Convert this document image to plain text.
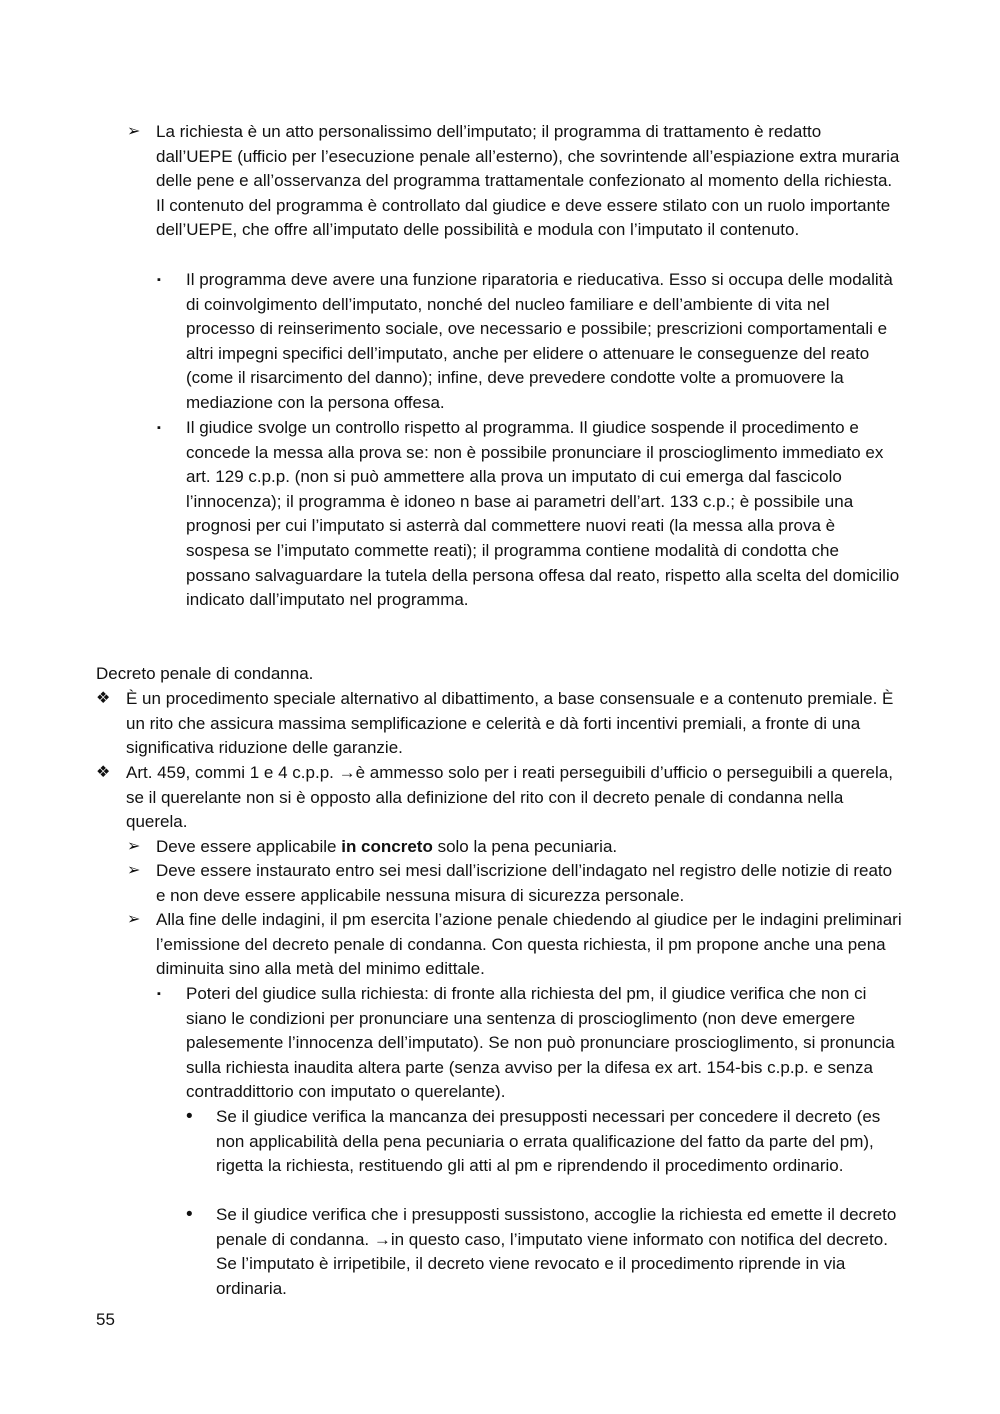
➢ La richiesta è un atto personalissimo dell’imputato; il programma di trattamento è redatto dall’UEPE (ufficio per l’esecuzione penale all’esterno), che sovrintende all’espiazione extra muraria delle pene e all’osservanza del programma trattamentale confezionato al momento della richiesta. Il contenuto del programma è controllato dal giudice e deve essere stilato con un ruolo importante dell’UEPE, che offre all’imputato delle possibilità e modula con l’imputato il contenuto.
▪ Il programma deve avere una funzione riparatoria e rieducativa. Esso si occupa delle modalità di coinvolgimento dell’imputato, nonché del nucleo familiare e dell’ambiente di vita nel processo di reinserimento sociale, ove necessario e possibile; prescrizioni comportamentali e altri impegni specifici dell’imputato, anche per elidere o attenuare le conseguenze del reato (come il risarcimento del danno); infine, deve prevedere condotte volte a promuovere la mediazione con la persona offesa.
▪ Il giudice svolge un controllo rispetto al programma. Il giudice sospende il procedimento e concede la messa alla prova se: non è possibile pronunciare il proscioglimento immediato ex art. 129 c.p.p. (non si può ammettere alla prova un imputato di cui emerga dal fascicolo l’innocenza); il programma è idoneo n base ai parametri dell’art. 133 c.p.; è possibile una prognosi per cui l’imputato si asterrà dal commettere nuovi reati (la messa alla prova è sospesa se l’imputato commette reati); il programma contiene modalità di condotta che possano salvaguardare la tutela della persona offesa dal reato, rispetto alla scelta del domicilio indicato dall’imputato nel programma.
Decreto penale di condanna.
❖ È un procedimento speciale alternativo al dibattimento, a base consensuale e a contenuto premiale. È un rito che assicura massima semplificazione e celerità e dà forti incentivi premiali, a fronte di una significativa riduzione delle garanzie.
❖ Art. 459, commi 1 e 4 c.p.p. →è ammesso solo per i reati perseguibili d’ufficio o perseguibili a querela, se il querelante non si è opposto alla definizione del rito con il decreto penale di condanna nella querela.
➢ Deve essere applicabile in concreto solo la pena pecuniaria.
➢ Deve essere instaurato entro sei mesi dall’iscrizione dell’indagato nel registro delle notizie di reato e non deve essere applicabile nessuna misura di sicurezza personale.
➢ Alla fine delle indagini, il pm esercita l’azione penale chiedendo al giudice per le indagini preliminari l’emissione del decreto penale di condanna. Con questa richiesta, il pm propone anche una pena diminuita sino alla metà del minimo edittale.
▪ Poteri del giudice sulla richiesta: di fronte alla richiesta del pm, il giudice verifica che non ci siano le condizioni per pronunciare una sentenza di proscioglimento (non deve emergere palesemente l’innocenza dell’imputato). Se non può pronunciare proscioglimento, si pronuncia sulla richiesta inaudita altera parte (senza avviso per la difesa ex art. 154-bis c.p.p. e senza contraddittorio con imputato o querelante).
• Se il giudice verifica la mancanza dei presupposti necessari per concedere il decreto (es non applicabilità della pena pecuniaria o errata qualificazione del fatto da parte del pm), rigetta la richiesta, restituendo gli atti al pm e riprendendo il procedimento ordinario.
• Se il giudice verifica che i presupposti sussistono, accoglie la richiesta ed emette il decreto penale di condanna. →in questo caso, l’imputato viene informato con notifica del decreto. Se l’imputato è irripetibile, il decreto viene revocato e il procedimento riprende in via ordinaria.
55
